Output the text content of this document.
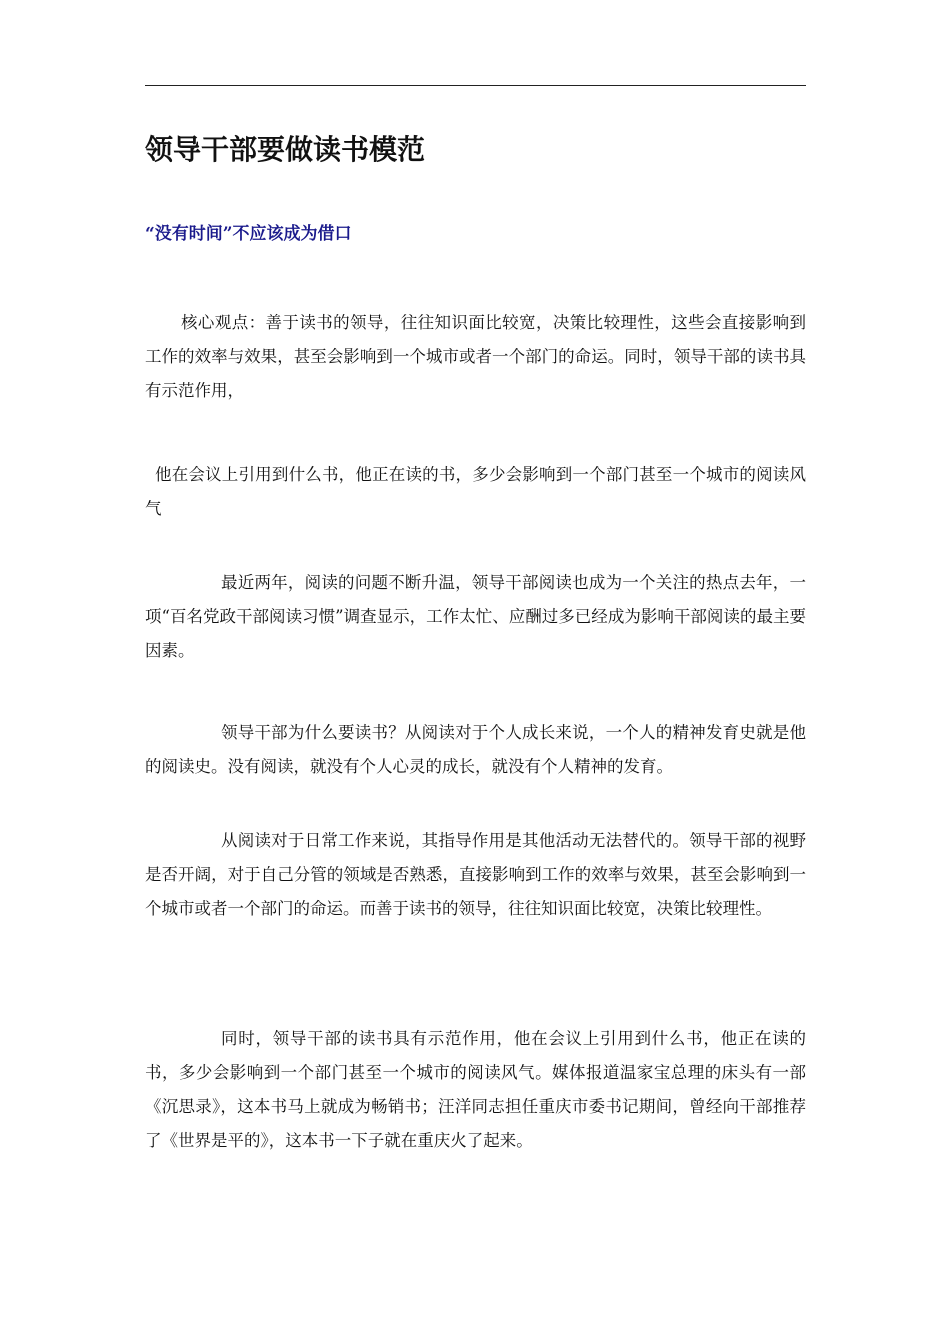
领导干部要做读书模范
“没有时间”不应该成为借口

核心观点：善于读书的领导，往往知识面比较宽，决策比较理性，这些会直接影响到工作的效率与效果，甚至会影响到一个城市或者一个部门的命运。同时，领导干部的读书具有示范作用，

他在会议上引用到什么书，他正在读的书，多少会影响到一个部门甚至一个城市的阅读风气

最近两年，阅读的问题不断升温，领导干部阅读也成为一个关注的热点去年，一项“百名党政干部阅读习惯”调查显示，工作太忙、应酬过多已经成为影响干部阅读的最主要因素。

领导干部为什么要读书？从阅读对于个人成长来说，一个人的精神发育史就是他的阅读史。没有阅读，就没有个人心灵的成长，就没有个人精神的发育。

从阅读对于日常工作来说，其指导作用是其他活动无法替代的。领导干部的视野是否开阔，对于自己分管的领域是否熟悉，直接影响到工作的效率与效果，甚至会影响到一个城市或者一个部门的命运。而善于读书的领导，往往知识面比较宽，决策比较理性。

同时，领导干部的读书具有示范作用，他在会议上引用到什么书，他正在读的书，多少会影响到一个部门甚至一个城市的阅读风气。媒体报道温家宝总理的床头有一部《沉思录》，这本书马上就成为畅销书；汪洋同志担任重庆市委书记期间，曾经向干部推荐了《世界是平的》，这本书一下子就在重庆火了起来。
